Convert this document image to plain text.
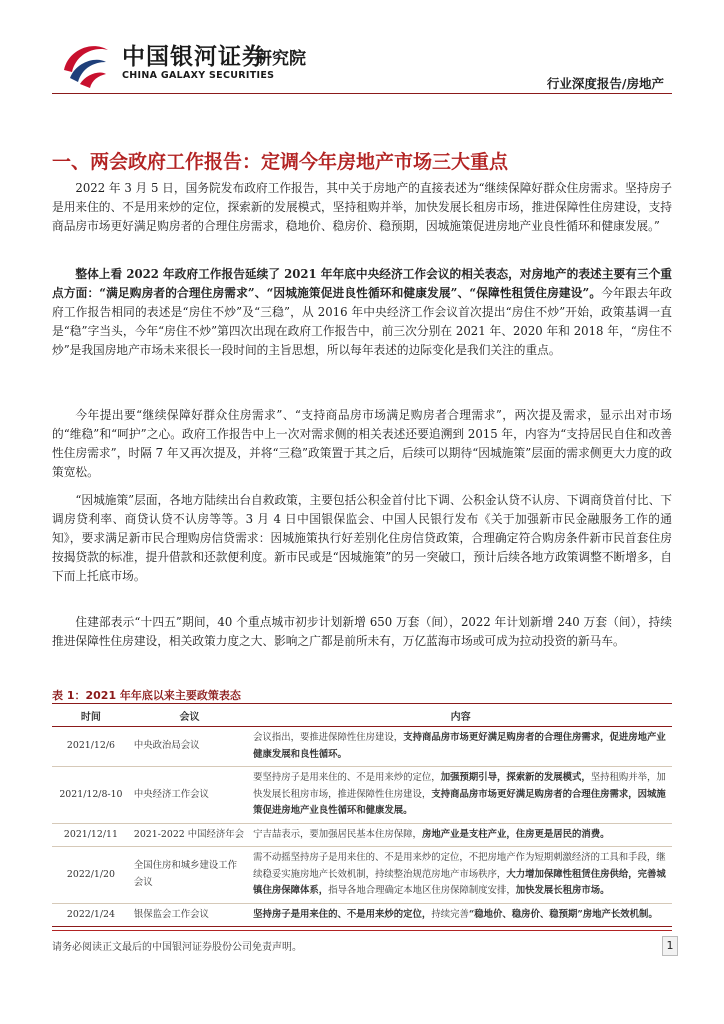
中国银河证券
CHINA GALAXY SECURITIES
研究院
行业深度报告/房地产
一、两会政府工作报告：定调今年房地产市场三大重点

2022 年 3 月 5 日，国务院发布政府工作报告，其中关于房地产的直接表述为“继续保障好群众住房需求。坚持房子是用来住的、不是用来炒的定位，探索新的发展模式，坚持租购并举，加快发展长租房市场，推进保障性住房建设，支持商品房市场更好满足购房者的合理住房需求，稳地价、稳房价、稳预期，因城施策促进房地产业良性循环和健康发展。”

整体上看 2022 年政府工作报告延续了 2021 年年底中央经济工作会议的相关表态，对房地产的表述主要有三个重点方面：“满足购房者的合理住房需求”、“因城施策促进良性循环和健康发展”、“保障性租赁住房建设”。今年跟去年政府工作报告相同的表述是“房住不炒”及“三稳”，从 2016 年中央经济工作会议首次提出“房住不炒”开始，政策基调一直是“稳”字当头，今年“房住不炒”第四次出现在政府工作报告中，前三次分别在 2021 年、2020 年和 2018 年，“房住不炒”是我国房地产市场未来很长一段时间的主旨思想，所以每年表述的边际变化是我们关注的重点。

今年提出要“继续保障好群众住房需求”、“支持商品房市场满足购房者合理需求”，两次提及需求，显示出对市场的“维稳”和“呵护”之心。政府工作报告中上一次对需求侧的相关表述还要追溯到 2015 年，内容为“支持居民自住和改善性住房需求”，时隔 7 年又再次提及，并将“三稳”政策置于其之后，后续可以期待“因城施策”层面的需求侧更大力度的政策宽松。

“因城施策”层面，各地方陆续出台自救政策，主要包括公积金首付比下调、公积金认贷不认房、下调商贷首付比、下调房贷利率、商贷认贷不认房等等。3 月 4 日中国银保监会、中国人民银行发布《关于加强新市民金融服务工作的通知》，要求满足新市民合理购房信贷需求：因城施策执行好差别化住房信贷政策，合理确定符合购房条件新市民首套住房按揭贷款的标准，提升借款和还款便利度。新市民或是“因城施策”的另一突破口，预计后续各地方政策调整不断增多，自下而上托底市场。

住建部表示“十四五”期间，40 个重点城市初步计划新增 650 万套（间），2022 年计划新增 240 万套（间），持续推进保障性住房建设，相关政策力度之大、影响之广都是前所未有，万亿蓝海市场或可成为拉动投资的新马车。

表 1：2021 年年底以来主要政策表态
时间	会议	内容
2021/12/6	中央政治局会议	会议指出，要推进保障性住房建设，支持商品房市场更好满足购房者的合理住房需求，促进房地产业健康发展和良性循环。
2021/12/8-10	中央经济工作会议	要坚持房子是用来住的、不是用来炒的定位，加强预期引导，探索新的发展模式，坚持租购并举，加快发展长租房市场，推进保障性住房建设，支持商品房市场更好满足购房者的合理住房需求，因城施策促进房地产业良性循环和健康发展。
2021/12/11	2021-2022 中国经济年会	宁吉喆表示，要加强居民基本住房保障，房地产业是支柱产业，住房更是居民的消费。
2022/1/20	全国住房和城乡建设工作会议	需不动摇坚持房子是用来住的、不是用来炒的定位，不把房地产作为短期刺激经济的工具和手段，继续稳妥实施房地产长效机制，持续整治规范房地产市场秩序，大力增加保障性租赁住房供给，完善城镇住房保障体系，指导各地合理确定本地区住房保障制度安排，加快发展长租房市场。
2022/1/24	银保监会工作会议	坚持房子是用来住的、不是用来炒的定位，持续完善“稳地价、稳房价、稳预期”房地产长效机制。
请务必阅读正文最后的中国银河证券股份公司免责声明。	1
